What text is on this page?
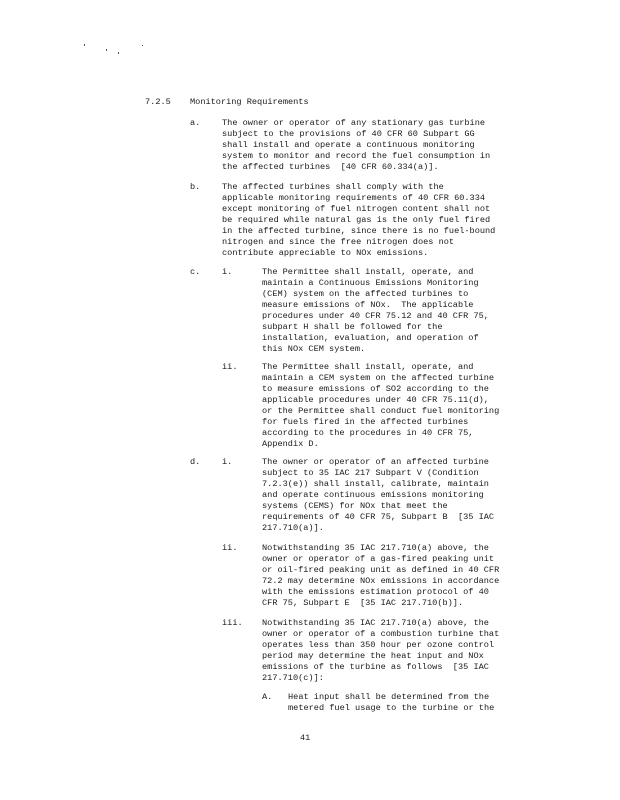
7.2.5 Monitoring Requirements
a.	The owner or operator of any stationary gas turbine
subject to the provisions of 40 CFR 60 Subpart GG
shall install and operate a continuous monitoring
system to monitor and record the fuel consumption in
the affected turbines  [40 CFR 60.334(a)].
b.	The affected turbines shall comply with the
applicable monitoring requirements of 40 CFR 60.334
except monitoring of fuel nitrogen content shall not
be required while natural gas is the only fuel fired
in the affected turbine, since there is no fuel-bound
nitrogen and since the free nitrogen does not
contribute appreciable to NOx emissions.
c.	i.	The Permittee shall install, operate, and
maintain a Continuous Emissions Monitoring
(CEM) system on the affected turbines to
measure emissions of NOx.  The applicable
procedures under 40 CFR 75.12 and 40 CFR 75,
subpart H shall be followed for the
installation, evaluation, and operation of
this NOx CEM system.
ii.	The Permittee shall install, operate, and
maintain a CEM system on the affected turbine
to measure emissions of SO2 according to the
applicable procedures under 40 CFR 75.11(d),
or the Permittee shall conduct fuel monitoring
for fuels fired in the affected turbines
according to the procedures in 40 CFR 75,
Appendix D.
d.	i.	The owner or operator of an affected turbine
subject to 35 IAC 217 Subpart V (Condition
7.2.3(e)) shall install, calibrate, maintain
and operate continuous emissions monitoring
systems (CEMS) for NOx that meet the
requirements of 40 CFR 75, Subpart B  [35 IAC
217.710(a)].
ii.	Notwithstanding 35 IAC 217.710(a) above, the
owner or operator of a gas-fired peaking unit
or oil-fired peaking unit as defined in 40 CFR
72.2 may determine NOx emissions in accordance
with the emissions estimation protocol of 40
CFR 75, Subpart E  [35 IAC 217.710(b)].
iii. Notwithstanding 35 IAC 217.710(a) above, the
owner or operator of a combustion turbine that
operates less than 350 hour per ozone control
period may determine the heat input and NOx
emissions of the turbine as follows  [35 IAC
217.710(c)]:
A. Heat input shall be determined from the
metered fuel usage to the turbine or the
41
